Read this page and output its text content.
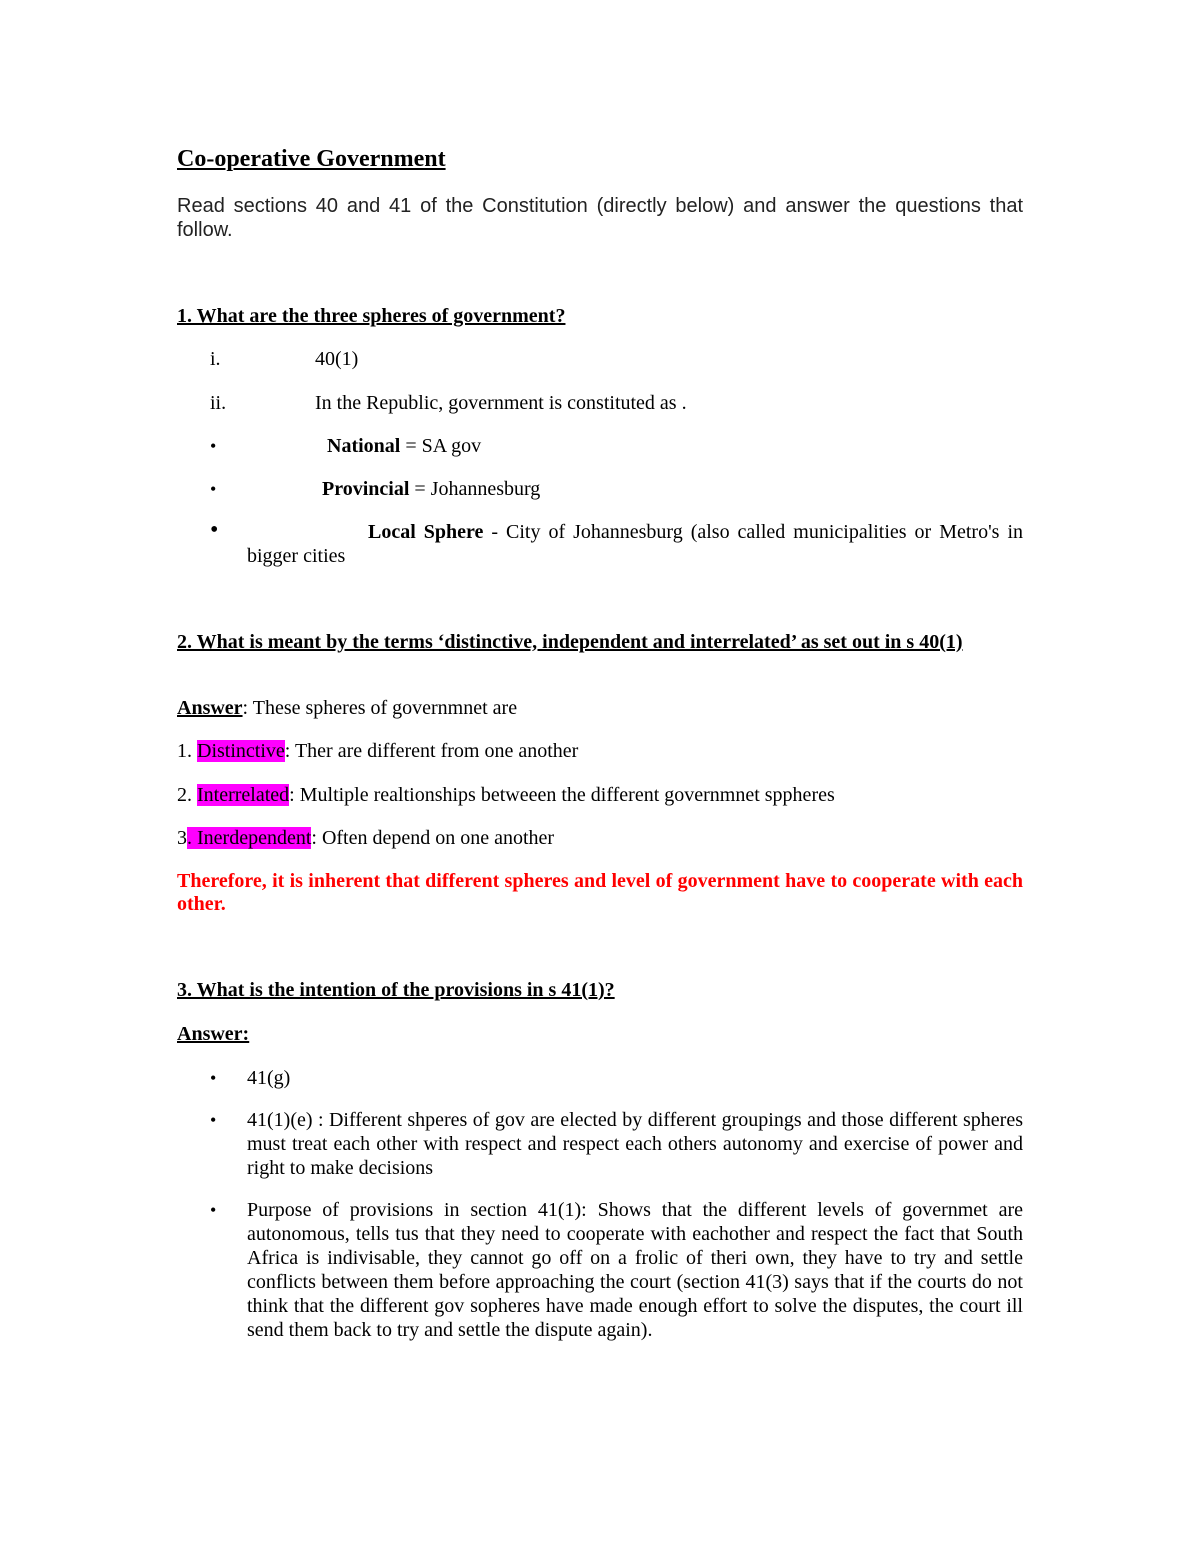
Co-operative Government
Read sections 40 and 41 of the Constitution (directly below) and answer the questions that follow.
1. What are the three spheres of government?
i.	40(1)
ii.	In the Republic, government is constituted as .
•	National = SA gov
•	Provincial = Johannesburg
•	Local Sphere - City of Johannesburg (also called municipalities or Metro's in bigger cities
2. What is meant by the terms ‘distinctive, independent and interrelated’ as set out in s 40(1)
Answer: These spheres of governmnet are
1. Distinctive: Ther are different from one another
2. Interrelated: Multiple realtionships betweeen the different governmnet sppheres
3. Inerdependent: Often depend on one another
Therefore, it is inherent that different spheres and level of government have to cooperate with each other.
3. What is the intention of the provisions in s 41(1)?
Answer:
• 41(g)
• 41(1)(e) : Different shperes of gov are elected by different groupings and those different spheres must treat each other with respect and respect each others autonomy and exercise of power and right to make decisions
• Purpose of provisions in section 41(1): Shows that the different levels of governmet are autonomous, tells tus that they need to cooperate with eachother and respect the fact that South Africa is indivisable, they cannot go off on a frolic of theri own, they have to try and settle conflicts between them before approaching the court (section 41(3) says that if the courts do not think that the different gov sopheres have made enough effort to solve the disputes, the court ill send them back to try and settle the dispute again).
